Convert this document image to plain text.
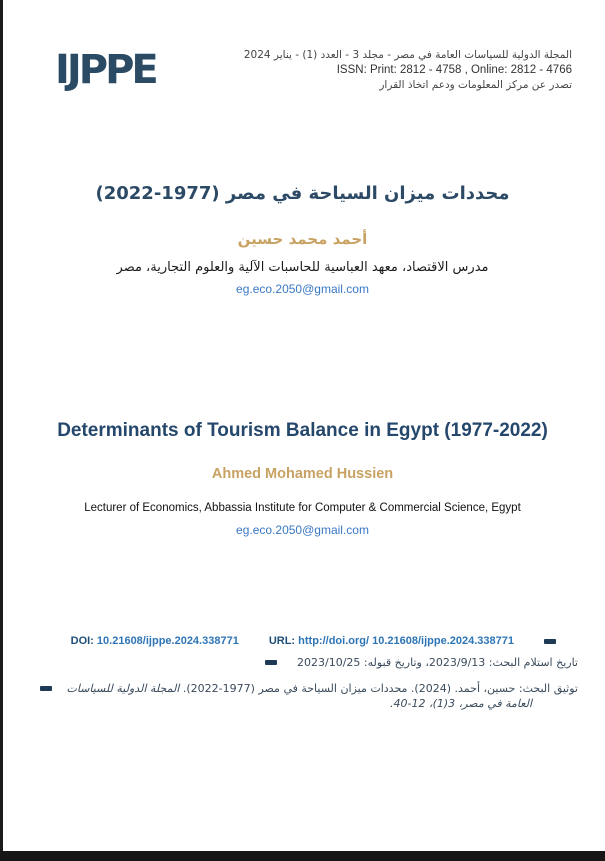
IJPPE	المجلة الدولية للسياسات العامة في مصر - مجلد 3 - العدد (1) - يناير 2024
ISSN: Print: 2812 - 4758 , Online: 2812 - 4766
تصدر عن مركز المعلومات ودعم اتخاذ القرار
محددات ميزان السياحة في مصر (1977-2022)
أحمد محمد حسين
مدرس الاقتصاد، معهد العباسية للحاسبات الآلية والعلوم التجارية، مصر
eg.eco.2050@gmail.com
Determinants of Tourism Balance in Egypt (1977-2022)
Ahmed Mohamed Hussien
Lecturer of Economics, Abbassia Institute for Computer & Commercial Science, Egypt
eg.eco.2050@gmail.com
DOI: 10.21608/ijppe.2024.338771	URL: http://doi.org/ 10.21608/ijppe.2024.338771
تاريخ استلام البحث: 2023/9/13، وتاريخ قبوله: 2023/10/25

توثيق البحث: حسين، أحمد. (2024). محددات ميزان السياحة في مصر (1977-2022). المجلة الدولية للسياسات العامة في مصر، 3(1)، 12-40.
